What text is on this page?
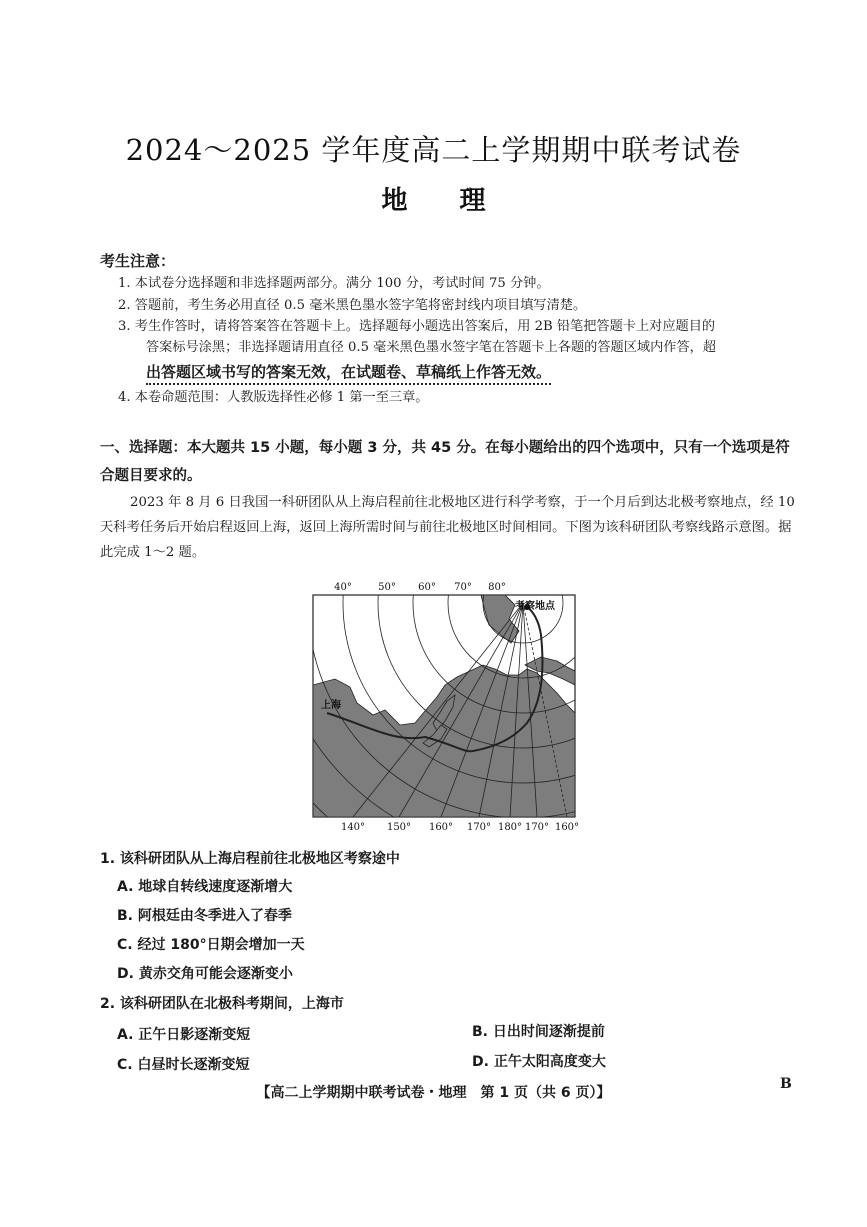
2024～2025 学年度高二上学期期中联考试卷
地　　理
考生注意：
1. 本试卷分选择题和非选择题两部分。满分 100 分，考试时间 75 分钟。
2. 答题前，考生务必用直径 0.5 毫米黑色墨水签字笔将密封线内项目填写清楚。
3. 考生作答时，请将答案答在答题卡上。选择题每小题选出答案后，用 2B 铅笔把答题卡上对应题目的
答案标号涂黑；非选择题请用直径 0.5 毫米黑色墨水签字笔在答题卡上各题的答题区域内作答，超
出答题区域书写的答案无效，在试题卷、草稿纸上作答无效。
4. 本卷命题范围：人教版选择性必修 1 第一至三章。
一、选择题：本大题共 15 小题，每小题 3 分，共 45 分。在每小题给出的四个选项中，只有一个选项是符合题目要求的。
2023 年 8 月 6 日我国一科研团队从上海启程前往北极地区进行科学考察，于一个月后到达北极考察地点，经 10 天科考任务后开始启程返回上海，返回上海所需时间与前往北极地区时间相同。下图为该科研团队考察线路示意图。据此完成 1～2 题。
40°	50° 60° 70° 80°
140° 150° 160° 170° 180° 170° 160°
上海
考察地点
1. 该科研团队从上海启程前往北极地区考察途中
A. 地球自转线速度逐渐增大
B. 阿根廷由冬季进入了春季
C. 经过 180°日期会增加一天
D. 黄赤交角可能会逐渐变小
2. 该科研团队在北极科考期间，上海市
A. 正午日影逐渐变短	B. 日出时间逐渐提前
C. 白昼时长逐渐变短	D. 正午太阳高度变大
【高二上学期期中联考试卷・地理　第 1 页（共 6 页）】
B
